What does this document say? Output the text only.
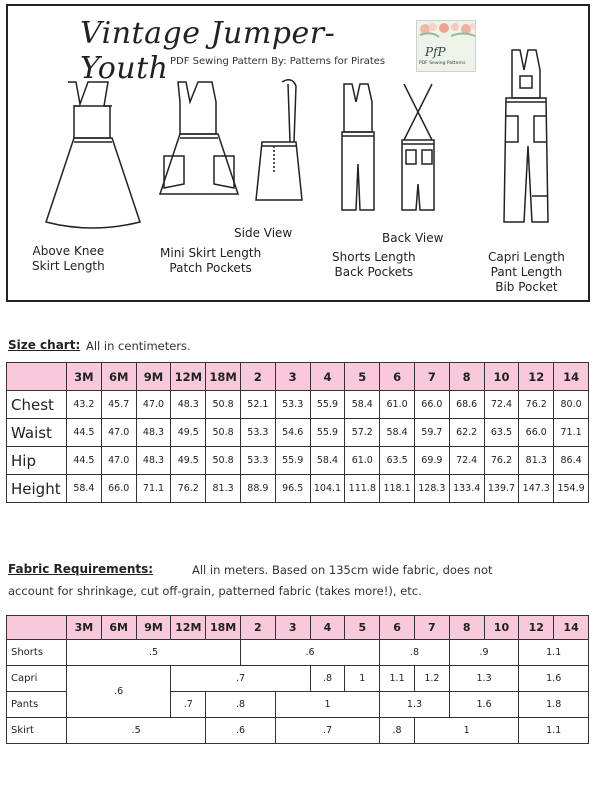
Vintage Jumper- Youth PDF Sewing Pattern By: Patterns for Pirates
PfP
PDF Sewing Patterns
Above Knee
Skirt Length
Mini Skirt Length
Patch Pockets
Side View	Back View
Shorts Length
Back Pockets
Capri Length
Pant Length
Bib Pocket
Size chart: All in centimeters.
	3M	6M	9M	12M	18M	2	3	4	5	6	7	8	10	12	14
Chest	43.2	45.7	47.0	48.3	50.8	52.1	53.3	55.9	58.4	61.0	66.0	68.6	72.4	76.2	80.0
Waist	44.5	47.0	48.3	49.5	50.8	53.3	54.6	55.9	57.2	58.4	59.7	62.2	63.5	66.0	71.1
Hip	44.5	47.0	48.3	49.5	50.8	53.3	55.9	58.4	61.0	63.5	69.9	72.4	76.2	81.3	86.4
Height	58.4	66.0	71.1	76.2	81.3	88.9	96.5	104.1	111.8	118.1	128.3	133.4	139.7	147.3	154.9
Fabric Requirements:	All in meters. Based on 135cm wide fabric, does not
account for shrinkage, cut off-grain, patterned fabric (takes more!), etc.
	3M	6M	9M	12M	18M	2	3	4	5	6	7	8	10	12	14
Shorts	.5					.6				.8		.9		1.1	
Capri	.6			.7				.8	1	1.1	1.2	1.3		1.6	
Pants				.7	.8		1			1.3		1.6		1.8	
Skirt	.5				.6		.7			.8	1			1.1	
